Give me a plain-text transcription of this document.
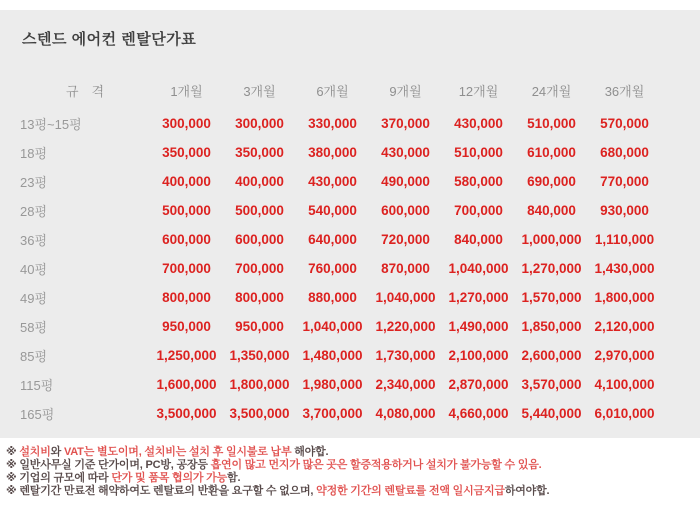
스텐드 에어컨 렌탈단가표
규　격	1개월	3개월	6개월	9개월	12개월	24개월	36개월
13평~15평	300,000	300,000	330,000	370,000	430,000	510,000	570,000
18평	350,000	350,000	380,000	430,000	510,000	610,000	680,000
23평	400,000	400,000	430,000	490,000	580,000	690,000	770,000
28평	500,000	500,000	540,000	600,000	700,000	840,000	930,000
36평	600,000	600,000	640,000	720,000	840,000	1,000,000	1,110,000
40평	700,000	700,000	760,000	870,000	1,040,000	1,270,000	1,430,000
49평	800,000	800,000	880,000	1,040,000	1,270,000	1,570,000	1,800,000
58평	950,000	950,000	1,040,000	1,220,000	1,490,000	1,850,000	2,120,000
85평	1,250,000	1,350,000	1,480,000	1,730,000	2,100,000	2,600,000	2,970,000
115평	1,600,000	1,800,000	1,980,000	2,340,000	2,870,000	3,570,000	4,100,000
165평	3,500,000	3,500,000	3,700,000	4,080,000	4,660,000	5,440,000	6,010,000
※ 설치비와 VAT는 별도이며, 설치비는 설치 후 일시불로 납부 해야합.
※ 일반사무실 기준 단가이며, PC방, 공장등 흡연이 많고 먼지가 많은 곳은 할증적용하거나 설치가 불가능할 수 있음.
※ 기업의 규모에 따라 단가 및 품목 협의가 가능함.
※ 렌탈기간 만료전 해약하여도 렌탈료의 반환을 요구할 수 없으며, 약정한 기간의 렌탈료를 전액 일시금지급하여야합.
